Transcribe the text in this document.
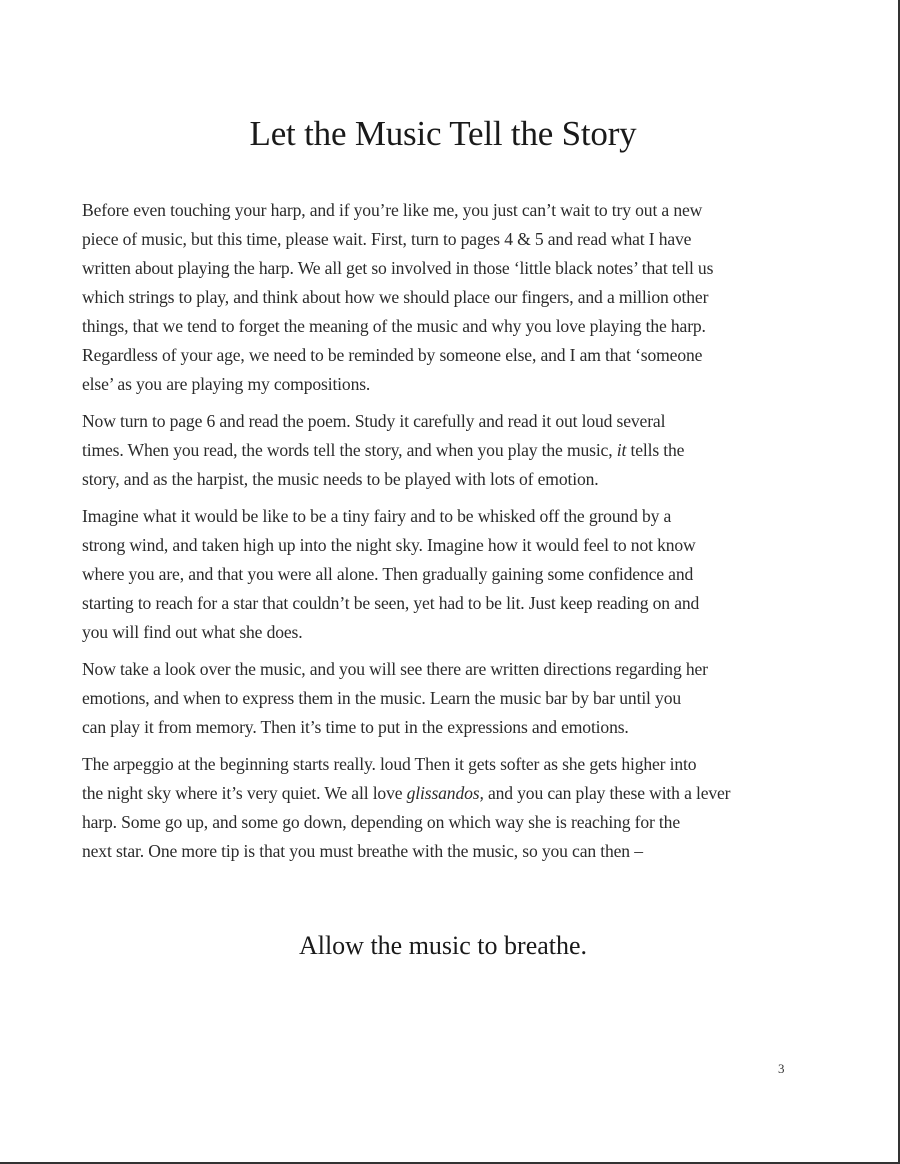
Let the Music Tell the Story

Before even touching your harp, and if you’re like me, you just can’t wait to try out a new
piece of music, but this time, please wait. First, turn to pages 4 & 5 and read what I have
written about playing the harp. We all get so involved in those ‘little black notes’ that tell us
which strings to play, and think about how we should place our fingers, and a million other
things, that we tend to forget the meaning of the music and why you love playing the harp.
Regardless of your age, we need to be reminded by someone else, and I am that ‘someone
else’ as you are playing my compositions.

Now turn to page 6 and read the poem. Study it carefully and read it out loud several
times. When you read, the words tell the story, and when you play the music, it tells the
story, and as the harpist, the music needs to be played with lots of emotion.

Imagine what it would be like to be a tiny fairy and to be whisked off the ground by a
strong wind, and taken high up into the night sky. Imagine how it would feel to not know
where you are, and that you were all alone. Then gradually gaining some confidence and
starting to reach for a star that couldn’t be seen, yet had to be lit. Just keep reading on and
you will find out what she does.

Now take a look over the music, and you will see there are written directions regarding her
emotions, and when to express them in the music. Learn the music bar by bar until you
can play it from memory. Then it’s time to put in the expressions and emotions.

The arpeggio at the beginning starts really. loud Then it gets softer as she gets higher into
the night sky where it’s very quiet. We all love glissandos, and you can play these with a lever
harp. Some go up, and some go down, depending on which way she is reaching for the
next star. One more tip is that you must breathe with the music, so you can then –

Allow the music to breathe.

3
